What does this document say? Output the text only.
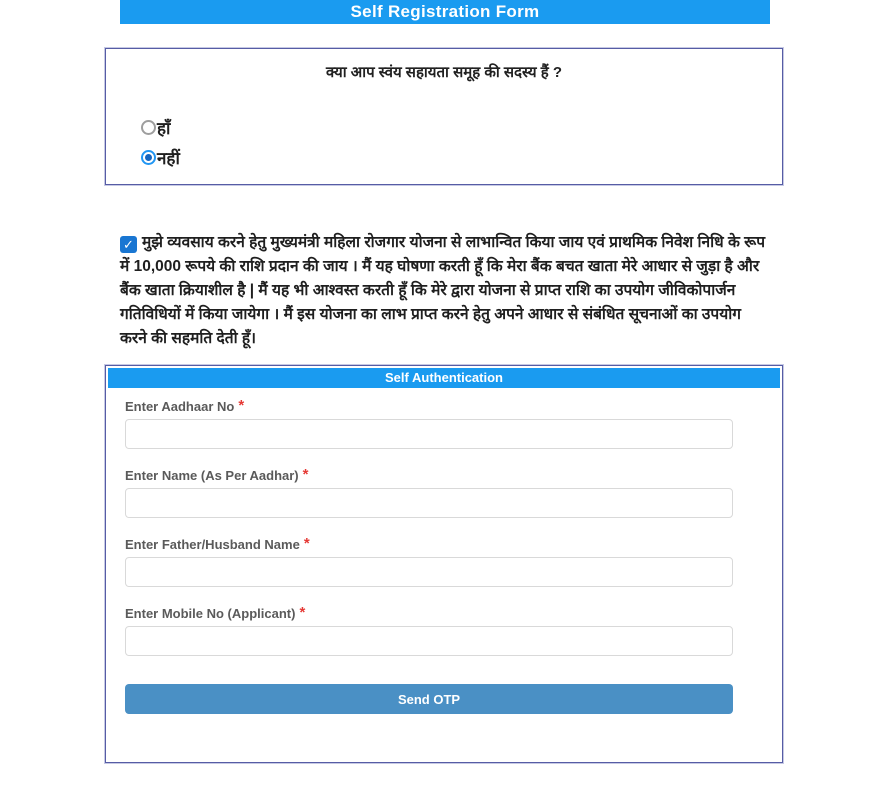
Self Registration Form
क्या आप स्वंय सहायता समूह की सदस्य हैं ?
हाँ
नहीं
✓ मुझे व्यवसाय करने हेतु मुख्यमंत्री महिला रोजगार योजना से लाभान्वित किया जाय एवं प्राथमिक निवेश निधि के रूप में 10,000 रूपये की राशि प्रदान की जाय । मैं यह घोषणा करती हूँ कि मेरा बैंक बचत खाता मेरे आधार से जुड़ा है और बैंक खाता क्रियाशील है | मैं यह भी आश्वस्त करती हूँ कि मेरे द्वारा योजना से प्राप्त राशि का उपयोग जीविकोपार्जन गतिविधियों में किया जायेगा । मैं इस योजना का लाभ प्राप्त करने हेतु अपने आधार से संबंधित सूचनाओं का उपयोग करने की सहमति देती हूँ।
Self Authentication
Enter Aadhaar No *
Enter Name (As Per Aadhar) *
Enter Father/Husband Name *
Enter Mobile No (Applicant) *
Send OTP
